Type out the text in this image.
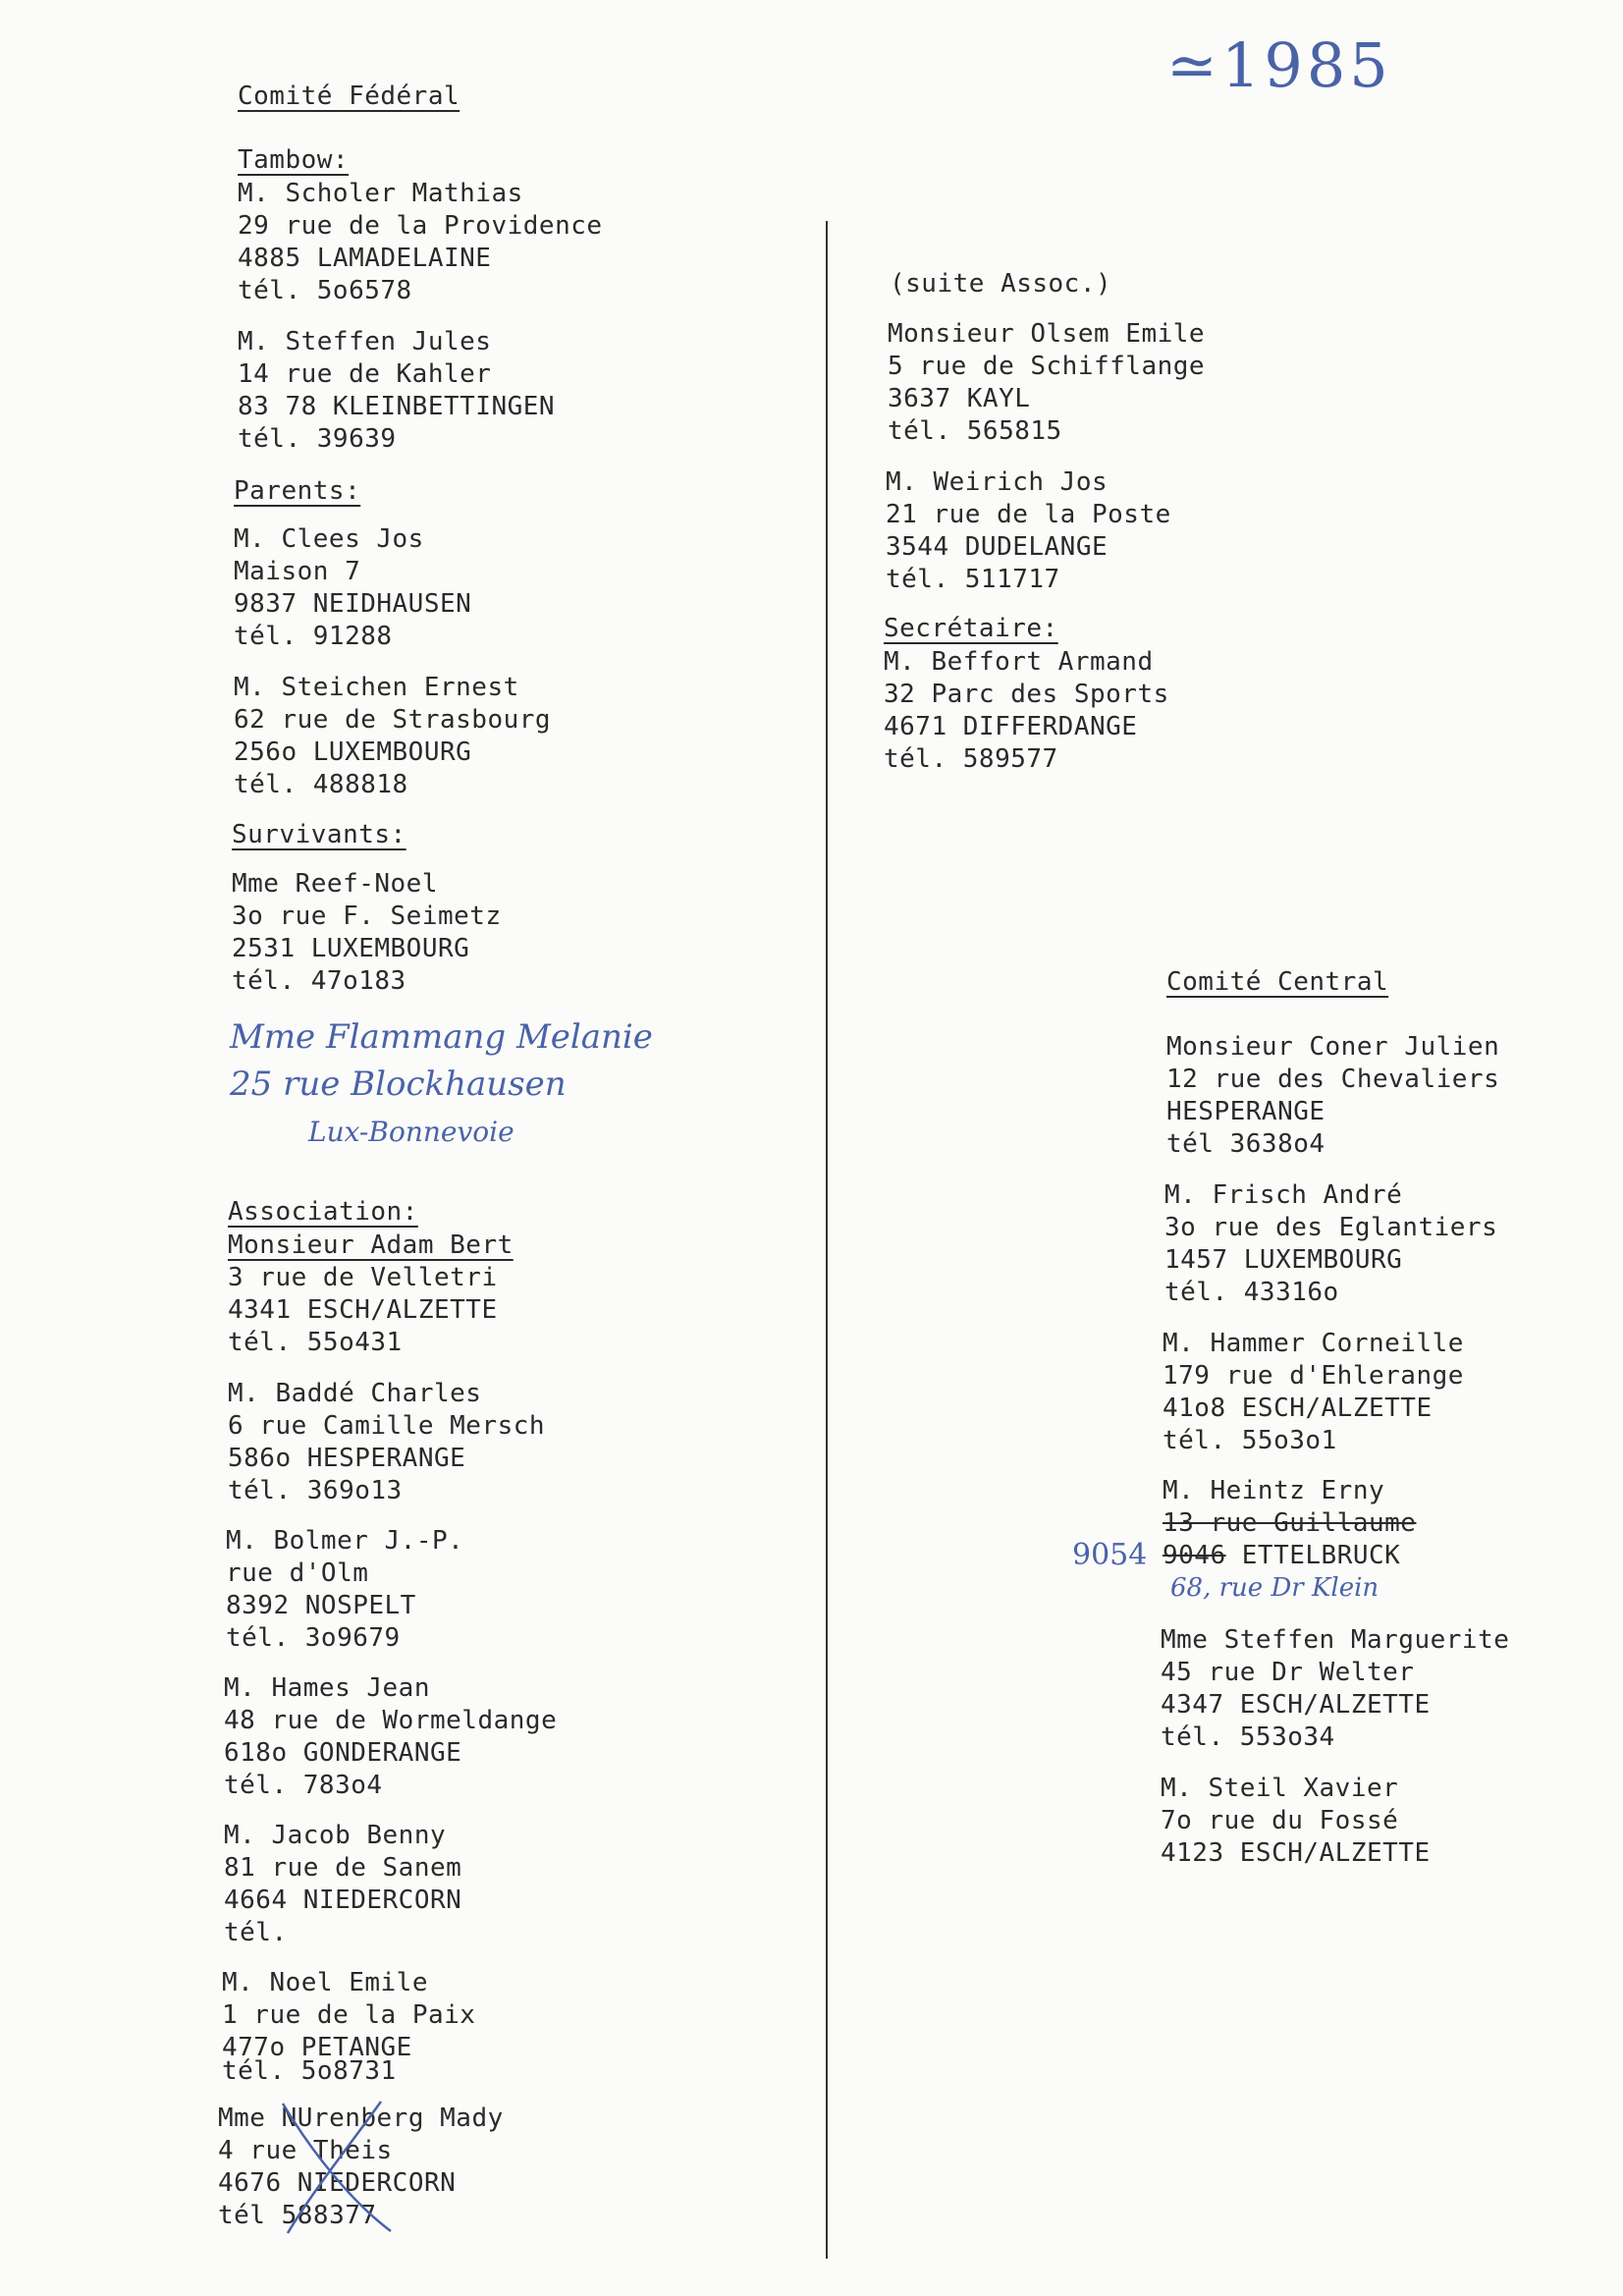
≃1985
Comité Fédéral
Tambow:
M. Scholer Mathias
29 rue de la Providence
4885 LAMADELAINE
tél. 5o6578
M. Steffen Jules
14 rue de Kahler
83 78 KLEINBETTINGEN
tél. 39639
Parents:
M. Clees Jos
Maison 7
9837 NEIDHAUSEN
tél. 91288
M. Steichen Ernest
62 rue de Strasbourg
256o LUXEMBOURG
tél. 488818
Survivants:
Mme Reef-Noel
3o rue F. Seimetz
2531 LUXEMBOURG
tél. 47o183
Mme Flammang Melanie
25 rue Blockhausen
Lux-Bonnevoie
Association:
Monsieur Adam Bert
3 rue de Velletri
4341 ESCH/ALZETTE
tél. 55o431
M. Baddé Charles
6 rue Camille Mersch
586o HESPERANGE
tél. 369o13
M. Bolmer J.-P.
rue d'Olm
8392 NOSPELT
tél. 3o9679
M. Hames Jean
48 rue de Wormeldange
618o GONDERANGE
tél. 783o4
M. Jacob Benny
81 rue de Sanem
4664 NIEDERCORN
tél.
M. Noel Emile
1 rue de la Paix
477o PETANGE
tél. 5o8731
Mme NUrenberg Mady
4 rue Theis
4676 NIEDERCORN
tél 588377
(suite Assoc.)
Monsieur Olsem Emile
5 rue de Schifflange
3637 KAYL
tél. 565815
M. Weirich Jos
21 rue de la Poste
3544 DUDELANGE
tél. 511717
Secrétaire:
M. Beffort Armand
32 Parc des Sports
4671 DIFFERDANGE
tél. 589577
Comité Central
Monsieur Coner Julien
12 rue des Chevaliers
HESPERANGE
tél 3638o4
M. Frisch André
3o rue des Eglantiers
1457 LUXEMBOURG
tél. 43316o
M. Hammer Corneille
179 rue d'Ehlerange
41o8 ESCH/ALZETTE
tél. 55o3o1
M. Heintz Erny
13 rue Guillaume
9046 ETTELBRUCK
9054
68, rue Dr Klein
Mme Steffen Marguerite
45 rue Dr Welter
4347 ESCH/ALZETTE
tél. 553o34
M. Steil Xavier
7o rue du Fossé
4123 ESCH/ALZETTE
